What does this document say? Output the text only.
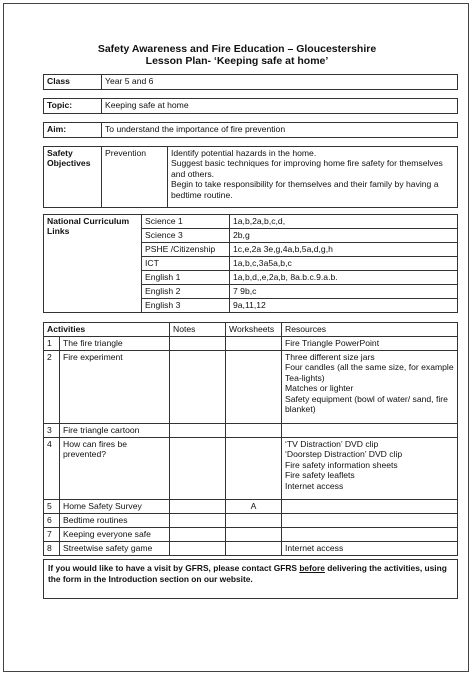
Safety Awareness and Fire Education – Gloucestershire
Lesson Plan- ‘Keeping safe at home’
Class	Year 5 and 6
Topic:	Keeping safe at home
Aim:	To understand the importance of fire prevention
Safety Objectives	Prevention	Identify potential hazards in the home.
Suggest basic techniques for improving home fire safety for themselves and others.
Begin to take responsibility for themselves and their family by having a bedtime routine.
National Curriculum Links	Science 1	1a,b,2a,b,c,d,
	Science 3	2b,g
	PSHE /Citizenship	1c,e,2a 3e,g,4a,b,5a,d,g,h
	ICT	1a,b,c,3a5a,b,c
	English 1	1a,b,d,,e,2a,b, 8a.b.c.9.a.b.
	English 2	7 9b,c
	English 3	9a,11,12
Activities		Notes	Worksheets	Resources
1	The fire triangle			Fire Triangle PowerPoint

2	Fire experiment			Three different size jars
Four candles (all the same size, for example Tea-lights)
Matches or lighter
Safety equipment (bowl of water/ sand, fire blanket)

3	Fire triangle cartoon			
4	How can fires be prevented?			‘TV Distraction’ DVD clip
‘Doorstep Distraction’ DVD clip
Fire safety information sheets
Fire safety leaflets
Internet access

5	Home Safety Survey		A	
6	Bedtime routines			
7	Keeping everyone safe			
8	Streetwise safety game			Internet access
If you would like to have a visit by GFRS, please contact GFRS before delivering the activities, using the form in the Introduction section on our website.
